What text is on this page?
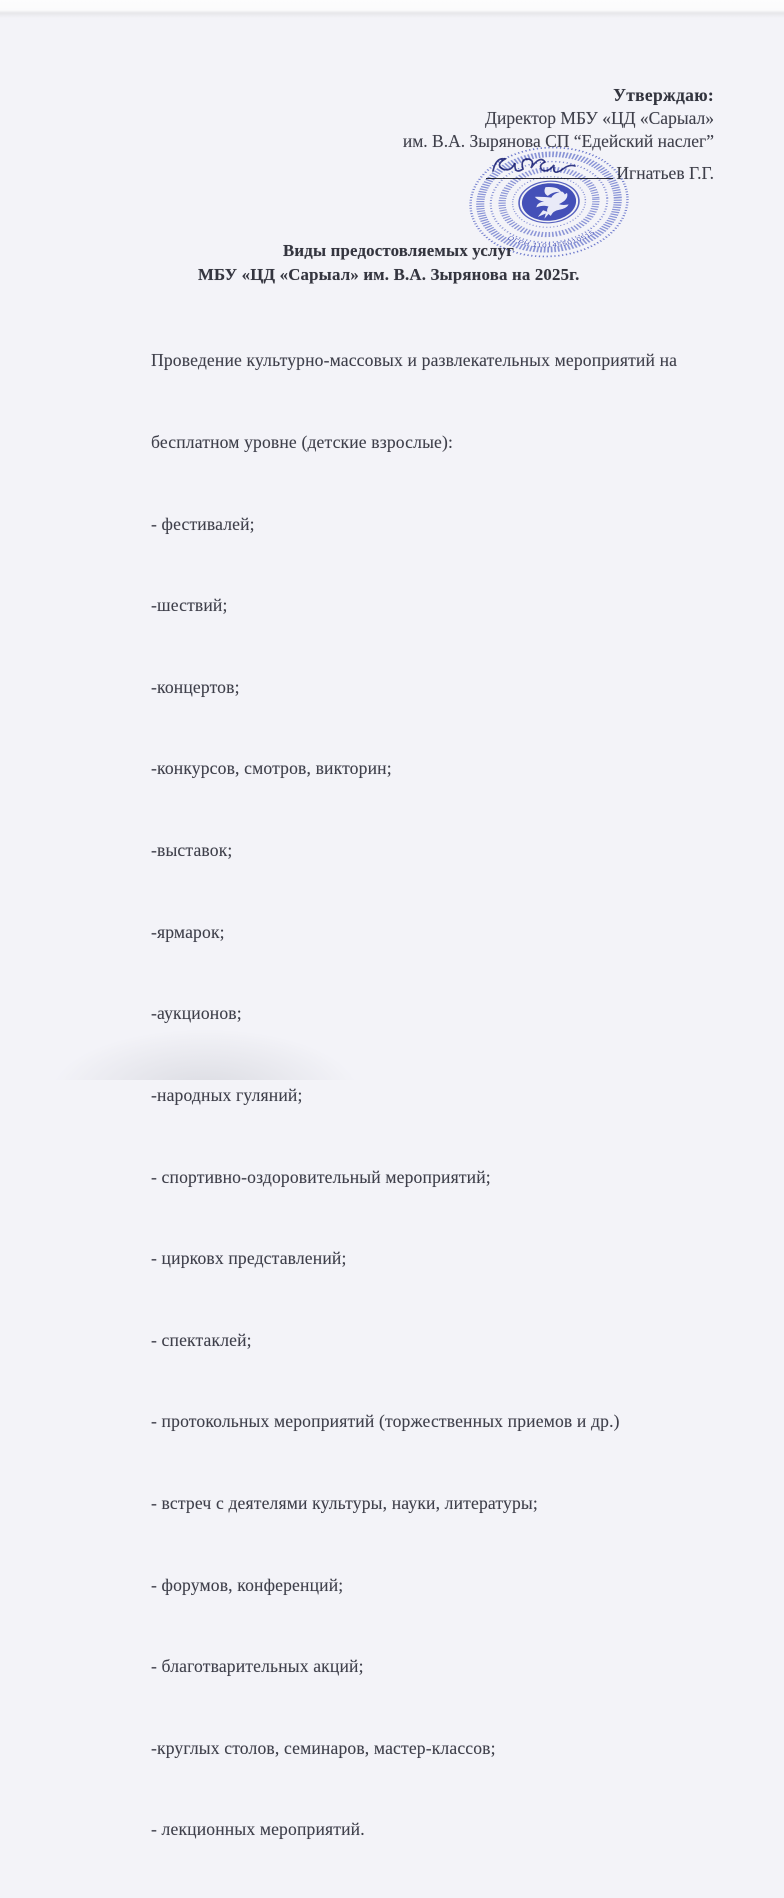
Утверждаю:
Директор МБУ «ЦД «Сарыал»
им. В.А. Зырянова СП “Едейский наслег”
Игнатьев Г.Г.
ОГРН 1101455010515
Виды предостовляемых услуг
МБУ «ЦД «Сарыал» им. В.А. Зырянова на 2025г.

Проведение культурно-массовых и развлекательных мероприятий на

бесплатном уровне (детские взрослые):

- фестивалей;

-шествий;

-концертов;

-конкурсов, смотров, викторин;

-выставок;

-ярмарок;

-аукционов;

-народных гуляний;

- спортивно-оздоровительный мероприятий;

- цирковх представлений;

- спектаклей;

- протокольных мероприятий (торжественных приемов и др.)

- встреч с деятелями культуры, науки, литературы;

- форумов, конференций;

- благотварительных акций;

-круглых столов, семинаров, мастер-классов;

- лекционных мероприятий.
